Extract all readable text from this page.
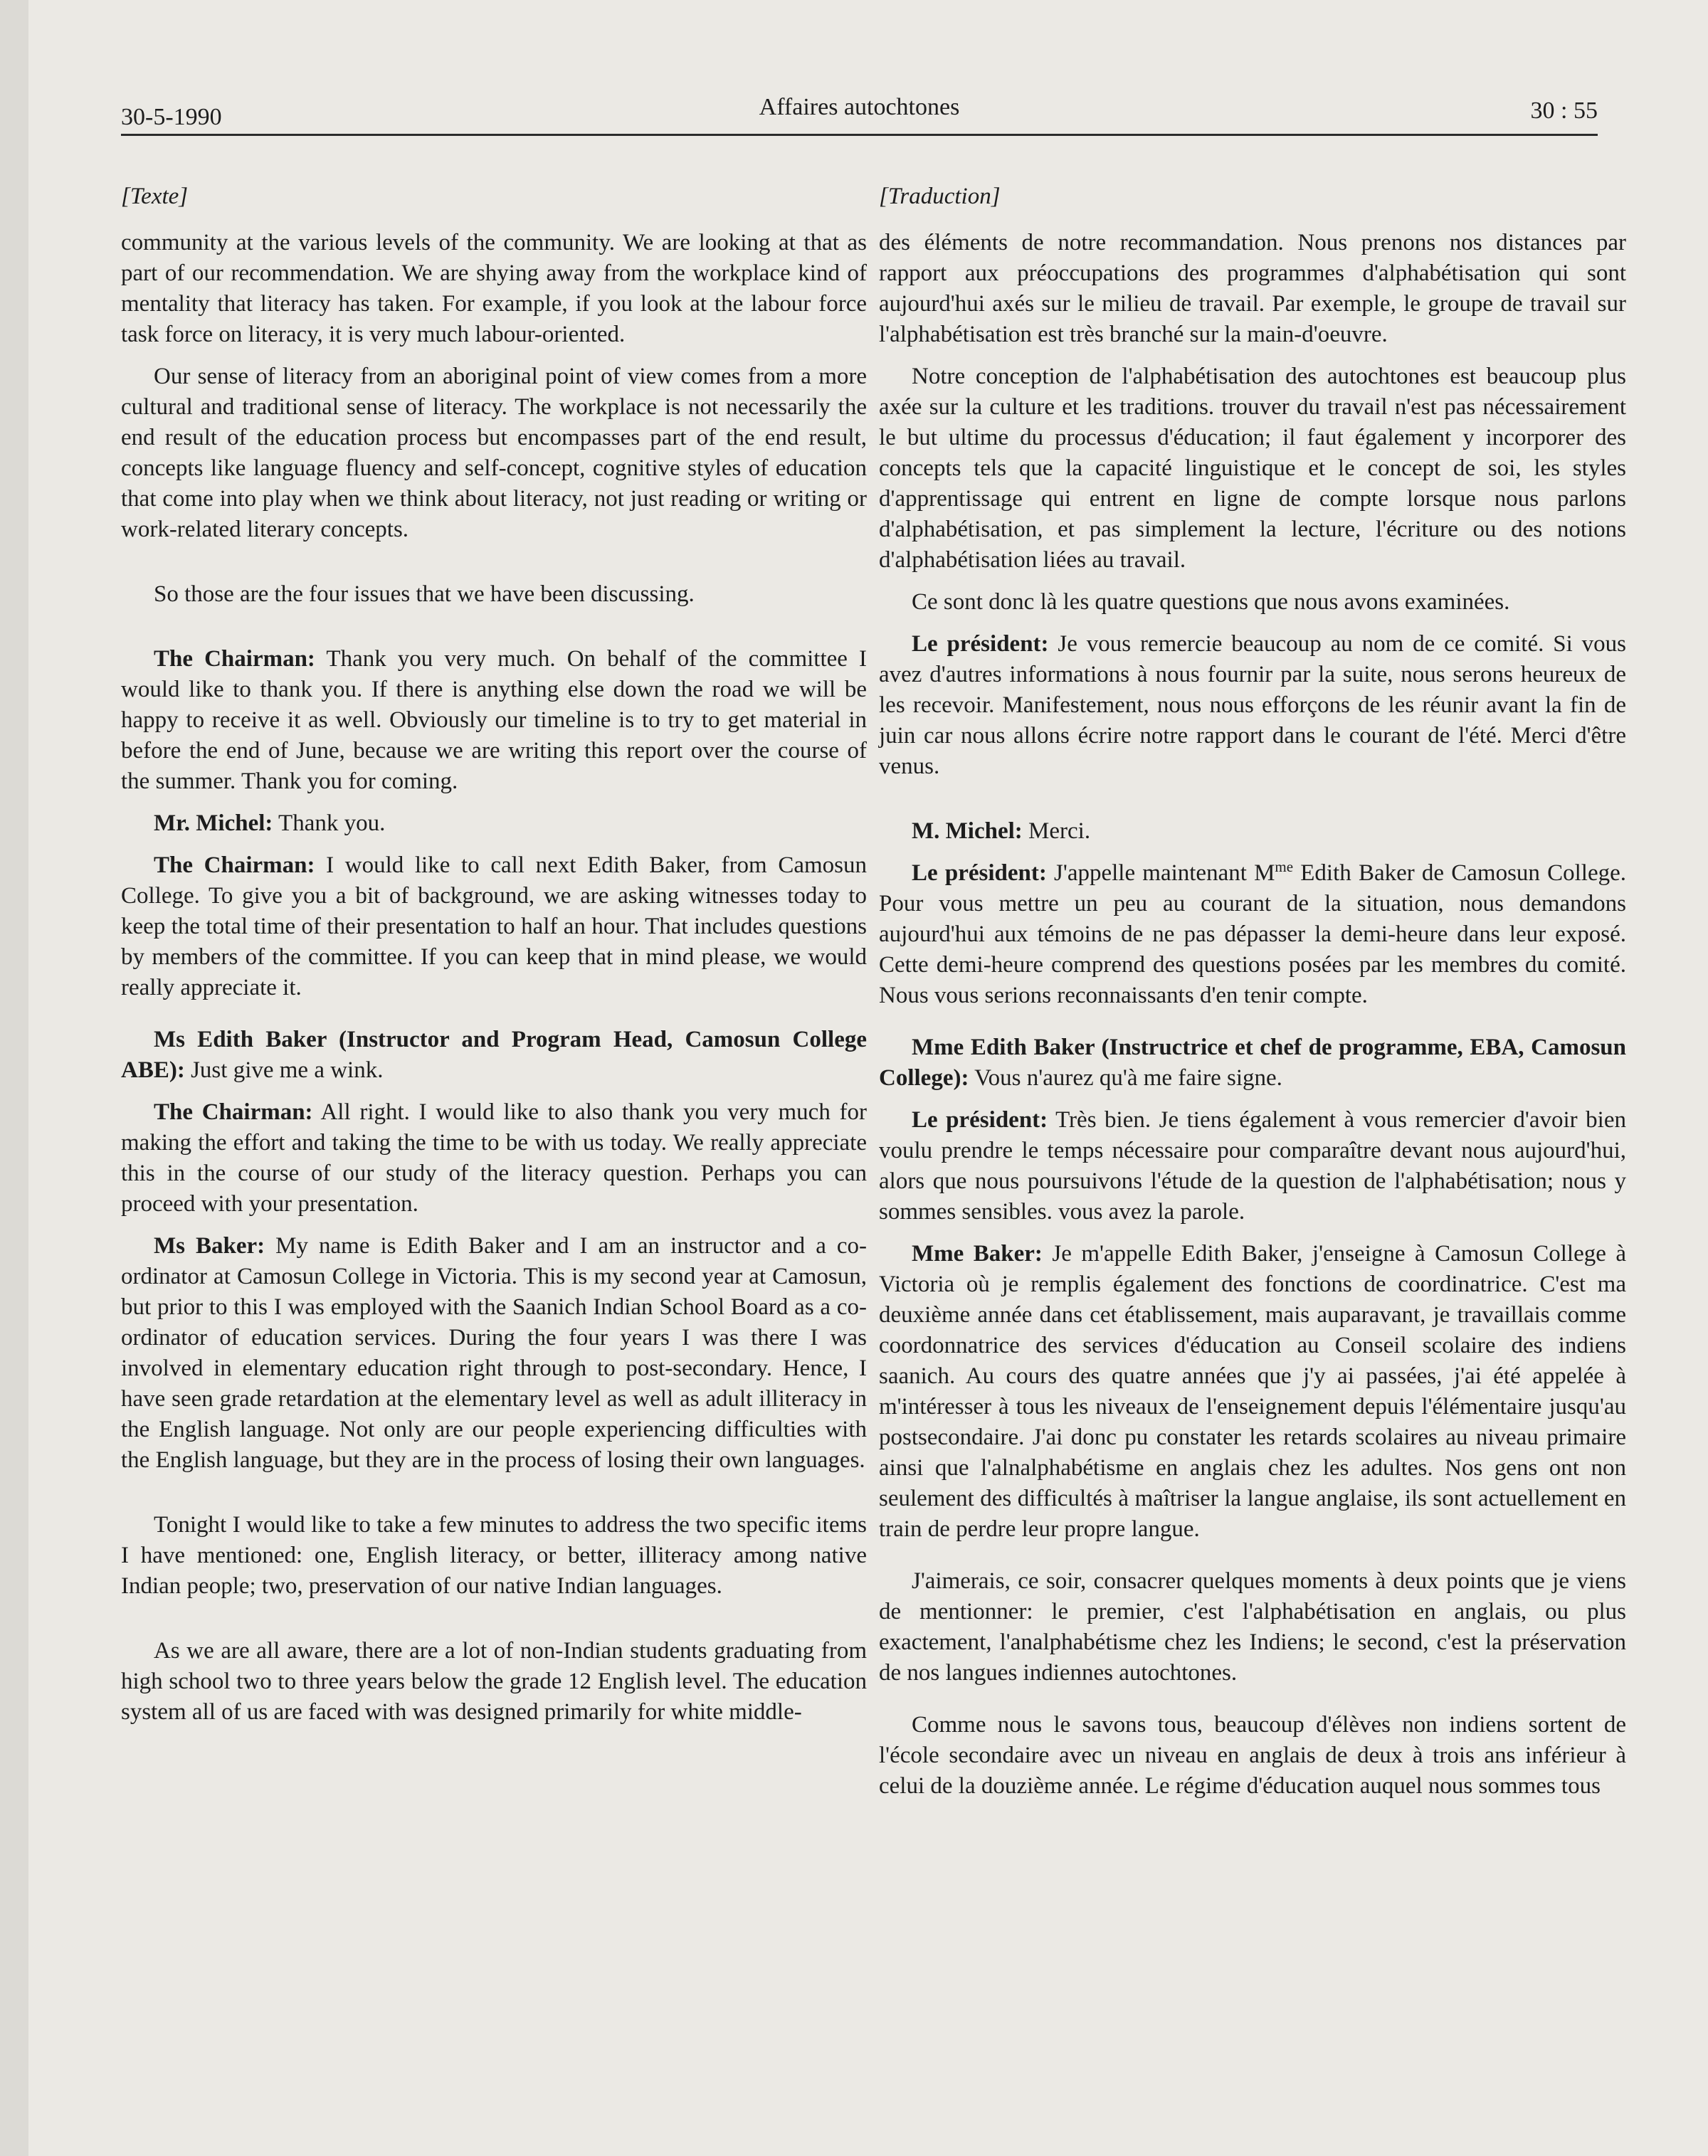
30-5-1990	Affaires autochtones	30 : 55
[Texte]

community at the various levels of the community. We are looking at that as part of our recommendation. We are shying away from the workplace kind of mentality that literacy has taken. For example, if you look at the labour force task force on literacy, it is very much labour-oriented.

Our sense of literacy from an aboriginal point of view comes from a more cultural and traditional sense of literacy. The workplace is not necessarily the end result of the education process but encompasses part of the end result, concepts like language fluency and self-concept, cognitive styles of education that come into play when we think about literacy, not just reading or writing or work-related literary concepts.

So those are the four issues that we have been discussing.

The Chairman: Thank you very much. On behalf of the committee I would like to thank you. If there is anything else down the road we will be happy to receive it as well. Obviously our timeline is to try to get material in before the end of June, because we are writing this report over the course of the summer. Thank you for coming.

Mr. Michel: Thank you.

The Chairman: I would like to call next Edith Baker, from Camosun College. To give you a bit of background, we are asking witnesses today to keep the total time of their presentation to half an hour. That includes questions by members of the committee. If you can keep that in mind please, we would really appreciate it.

Ms Edith Baker (Instructor and Program Head, Camosun College ABE): Just give me a wink.

The Chairman: All right. I would like to also thank you very much for making the effort and taking the time to be with us today. We really appreciate this in the course of our study of the literacy question. Perhaps you can proceed with your presentation.

Ms Baker: My name is Edith Baker and I am an instructor and a co-ordinator at Camosun College in Victoria. This is my second year at Camosun, but prior to this I was employed with the Saanich Indian School Board as a co-ordinator of education services. During the four years I was there I was involved in elementary education right through to post-secondary. Hence, I have seen grade retardation at the elementary level as well as adult illiteracy in the English language. Not only are our people experiencing difficulties with the English language, but they are in the process of losing their own languages.

Tonight I would like to take a few minutes to address the two specific items I have mentioned: one, English literacy, or better, illiteracy among native Indian people; two, preservation of our native Indian languages.

As we are all aware, there are a lot of non-Indian students graduating from high school two to three years below the grade 12 English level. The education system all of us are faced with was designed primarily for white middle-

[Traduction]

des éléments de notre recommandation. Nous prenons nos distances par rapport aux préoccupations des programmes d'alphabétisation qui sont aujourd'hui axés sur le milieu de travail. Par exemple, le groupe de travail sur l'alphabétisation est très branché sur la main-d'oeuvre.

Notre conception de l'alphabétisation des autochtones est beaucoup plus axée sur la culture et les traditions. trouver du travail n'est pas nécessairement le but ultime du processus d'éducation; il faut également y incorporer des concepts tels que la capacité linguistique et le concept de soi, les styles d'apprentissage qui entrent en ligne de compte lorsque nous parlons d'alphabétisation, et pas simplement la lecture, l'écriture ou des notions d'alphabétisation liées au travail.

Ce sont donc là les quatre questions que nous avons examinées.

Le président: Je vous remercie beaucoup au nom de ce comité. Si vous avez d'autres informations à nous fournir par la suite, nous serons heureux de les recevoir. Manifestement, nous nous efforçons de les réunir avant la fin de juin car nous allons écrire notre rapport dans le courant de l'été. Merci d'être venus.

M. Michel: Merci.

Le président: J'appelle maintenant $M^{me}$ Edith Baker de Camosun College. Pour vous mettre un peu au courant de la situation, nous demandons aujourd'hui aux témoins de ne pas dépasser la demi-heure dans leur exposé. Cette demi-heure comprend des questions posées par les membres du comité. Nous vous serions reconnaissants d'en tenir compte.

Mme Edith Baker (Instructrice et chef de programme, EBA, Camosun College): Vous n'aurez qu'à me faire signe.

Le président: Très bien. Je tiens également à vous remercier d'avoir bien voulu prendre le temps nécessaire pour comparaître devant nous aujourd'hui, alors que nous poursuivons l'étude de la question de l'alphabétisation; nous y sommes sensibles. vous avez la parole.

Mme Baker: Je m'appelle Edith Baker, j'enseigne à Camosun College à Victoria où je remplis également des fonctions de coordinatrice. C'est ma deuxième année dans cet établissement, mais auparavant, je travaillais comme coordonnatrice des services d'éducation au Conseil scolaire des indiens saanich. Au cours des quatre années que j'y ai passées, j'ai été appelée à m'intéresser à tous les niveaux de l'enseignement depuis l'élémentaire jusqu'au postsecondaire. J'ai donc pu constater les retards scolaires au niveau primaire ainsi que l'alnalphabétisme en anglais chez les adultes. Nos gens ont non seulement des difficultés à maîtriser la langue anglaise, ils sont actuellement en train de perdre leur propre langue.

J'aimerais, ce soir, consacrer quelques moments à deux points que je viens de mentionner: le premier, c'est l'alphabétisation en anglais, ou plus exactement, l'analphabétisme chez les Indiens; le second, c'est la préservation de nos langues indiennes autochtones.

Comme nous le savons tous, beaucoup d'élèves non indiens sortent de l'école secondaire avec un niveau en anglais de deux à trois ans inférieur à celui de la douzième année. Le régime d'éducation auquel nous sommes tous
